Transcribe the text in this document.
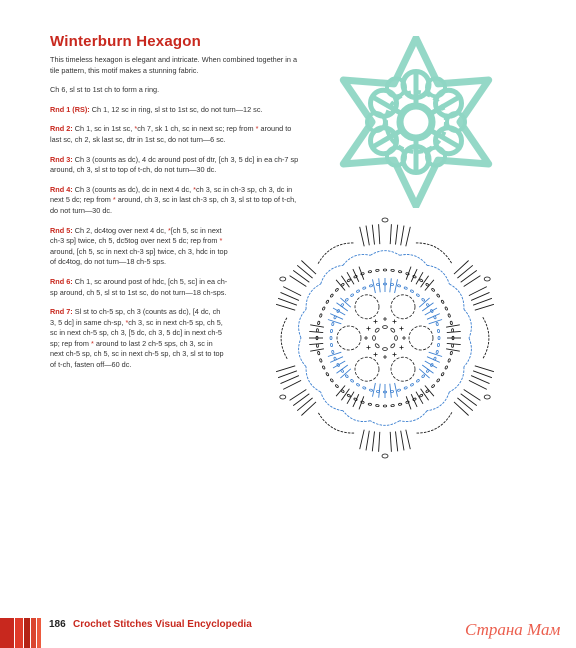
Winterburn Hexagon

This timeless hexagon is elegant and intricate. When combined together in a tile pattern, this motif makes a stunning fabric.

Ch 6, sl st to 1st ch to form a ring.

Rnd 1 (RS): Ch 1, 12 sc in ring, sl st to 1st sc, do not turn—12 sc.

Rnd 2: Ch 1, sc in 1st sc, *ch 7, sk 1 ch, sc in next sc; rep from * around to last sc, ch 2, sk last sc, dtr in 1st sc, do not turn—6 sc.

Rnd 3: Ch 3 (counts as dc), 4 dc around post of dtr, [ch 3, 5 dc] in ea ch-7 sp around, ch 3, sl st to top of t-ch, do not turn—30 dc.

Rnd 4: Ch 3 (counts as dc), dc in next 4 dc, *ch 3, sc in ch-3 sp, ch 3, dc in next 5 dc; rep from * around, ch 3, sc in last ch-3 sp, ch 3, sl st to top of t-ch, do not turn—30 dc.

Rnd 5: Ch 2, dc4tog over next 4 dc, *[ch 5, sc in next ch-3 sp] twice, ch 5, dc5tog over next 5 dc; rep from * around, [ch 5, sc in next ch-3 sp] twice, ch 3, hdc in top of dc4tog, do not turn—18 ch-5 sps.

Rnd 6: Ch 1, sc around post of hdc, [ch 5, sc] in ea ch-sp around, ch 5, sl st to 1st sc, do not turn—18 ch-sps.

Rnd 7: Sl st to ch-5 sp, ch 3 (counts as dc), [4 dc, ch 3, 5 dc] in same ch-sp, *ch 3, sc in next ch-5 sp, ch 5, sc in next ch-5 sp, ch 3, [5 dc, ch 3, 5 dc] in next ch-5 sp; rep from * around to last 2 ch-5 sps, ch 3, sc in next ch-5 sp, ch 5, sc in next ch-5 sp, ch 3, sl st to top of t-ch, fasten off—60 dc.

186 Crochet Stitches Visual Encyclopedia	Страна Мам
